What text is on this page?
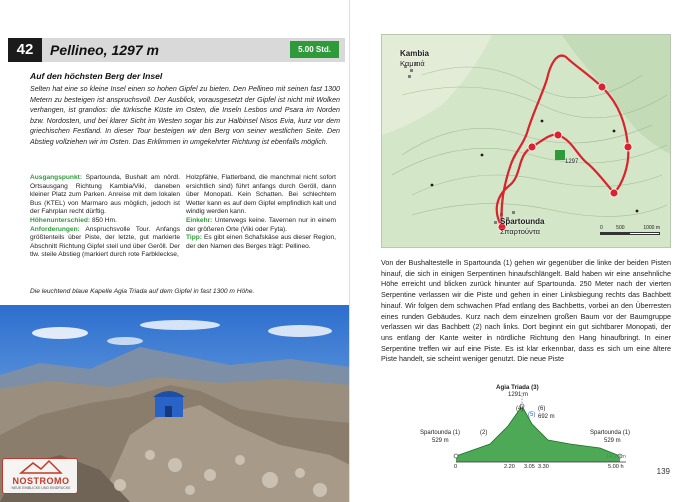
42	Pellineo, 1297 m	5.00 Std.
Auf den höchsten Berg der Insel
Selten hat eine so kleine Insel einen so hohen Gipfel zu bieten. Den Pellineo mit seinen fast 1300 Metern zu besteigen ist anspruchsvoll. Der Ausblick, vorausgesetzt der Gipfel ist nicht mit Wolken verhangen, ist grandios: die türkische Küste im Osten, die Inseln Lesbos und Psara im Norden bzw. Nordosten, und bei klarer Sicht im Westen sogar bis zur Halbinsel Nisos Evia, kurz vor dem griechischen Festland. In dieser Tour besteigen wir den Berg von seiner westlichen Seite. Den Abstieg vollziehen wir im Osten. Das Erklimmen in umgekehrter Richtung ist ebenfalls möglich.
Ausgangspunkt: Spartounda, Bushalt am nördl. Ortsausgang Richtung Kambia/Viki, daneben kleiner Platz zum Parken. Anreise mit dem lokalen Bus (KTEL) von Marmaro aus möglich, jedoch ist der Fahrplan recht dürftig.
Höhenunterschied: 850 Hm.
Anforderungen: Anspruchsvolle Tour. Anfangs größtenteils über Piste, der letzte, gut markierte Abschnitt Richtung Gipfel steil und über Geröll. Der tlw. steile Abstieg (markiert durch rote Farbkleckse,
Holzpfähle, Flatterband, die manchmal nicht sofort ersichtlich sind) führt anfangs durch Geröll, dann über Monopati. Kein Schatten. Bei schlechtem Wetter kann es auf dem Gipfel empfindlich kalt und windig werden kann.
Einkehr: Unterwegs keine. Tavernen nur in einem der größeren Orte (Viki oder Fyta).
Tipp: Es gibt einen Schafskäse aus dieser Region, der den Namen des Berges trägt: Pellineo.
Die leuchtend blaue Kapelle Agia Triada auf dem Gipfel in fast 1300 m Höhe.
NOSTROMO
NEUE EINBLICKE UND EINDRÜCKE
Kambia
Καμπιά
Spartounda
Σπαρτούντα
1297
0	500	1000 m
Von der Bushaltestelle in Spartounda (1) gehen wir gegenüber die linke der beiden Pisten hinauf, die sich in einigen Serpentinen hinaufschlängelt. Bald haben wir eine ansehnliche Höhe erreicht und blicken zurück hinunter auf Spartounda. 250 Meter nach der vierten Serpentine verlassen wir die Piste und gehen in einer Linksbiegung rechts das Bachbett hinauf. Wir folgen dem schwachen Pfad entlang des Bachbetts, vorbei an den Überresten eines runden Gebäudes. Kurz nach dem einzelnen großen Baum vor der Baumgruppe verlassen wir das Bachbett (2) nach links. Dort beginnt ein gut sichtbarer Monopati, der uns entlang der Kante weiter in nördliche Richtung den Hang hinaufbringt. In einer Serpentine treffen wir auf eine Piste. Es ist klar erkennbar, dass es sich um eine ältere Piste handelt, sie scheint weniger genutzt. Die neue Piste
Agia Triada (3)
1291 m
Spartounda (1)
529 m
Spartounda (1)
529 m
(2)
(4)
(5)
(6)
692 m
0	2.20 3.05 3.30	5.00 h
14.2 km
139
